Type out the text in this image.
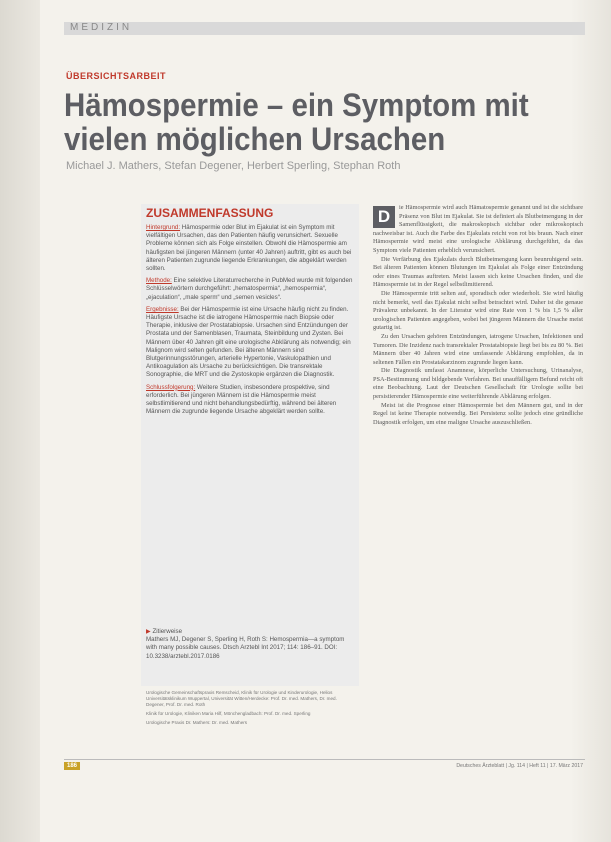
MEDIZIN
ÜBERSICHTSARBEIT
Hämospermie – ein Symptom mit vielen möglichen Ursachen
Michael J. Mathers, Stefan Degener, Herbert Sperling, Stephan Roth
ZUSAMMENFASSUNG

Hintergrund: Hämospermie oder Blut im Ejakulat ist ein Symptom mit vielfältigen Ursachen, das den Patienten häufig verunsichert. Sexuelle Probleme können sich als Folge einstellen. Obwohl die Hämospermie am häufigsten bei jüngeren Männern (unter 40 Jahren) auftritt, gibt es auch bei älteren Patienten zugrunde liegende Erkrankungen, die abgeklärt werden sollten.

Methode: Eine selektive Literaturrecherche in PubMed wurde mit folgenden Schlüsselwörtern durchgeführt: „hematospermia“, „hemospermia“, „ejaculation“, „male sperm“ und „semen vesicles“.

Ergebnisse: Bei der Hämospermie ist eine Ursache häufig nicht zu finden. Häufigste Ursache ist die iatrogene Hämospermie nach Biopsie oder Therapie, inklusive der Prostatabiopsie. Ursachen sind Entzündungen der Prostata und der Samenblasen, Traumata, Steinbildung und Zysten. Bei Männern über 40 Jahren gilt eine urologische Abklärung als notwendig; ein Malignom wird selten gefunden. Bei älteren Männern sind Blutgerinnungsstörungen, arterielle Hypertonie, Vaskulopathien und Antikoagulation als Ursache zu berücksichtigen. Die transrektale Sonographie, die MRT und die Zystoskopie ergänzen die Diagnostik.

Schlussfolgerung: Weitere Studien, insbesondere prospektive, sind erforderlich. Bei jüngeren Männern ist die Hämospermie meist selbstlimitierend und nicht behandlungsbedürftig, während bei älteren Männern die zugrunde liegende Ursache abgeklärt werden sollte.

▶ Zitierweise
Mathers MJ, Degener S, Sperling H, Roth S: Hemospermia—a symptom with many possible causes. Dtsch Arztebl Int 2017; 114: 186–91. DOI: 10.3238/arztebl.2017.0186

Urologische Gemeinschaftspraxis Remscheid, Klinik für Urologie und Kinderurologie, Helios Universitätsklinikum Wuppertal, Universität Witten/Herdecke: Prof. Dr. med. Mathers, Dr. med. Degener, Prof. Dr. med. Roth

Klinik für Urologie, Kliniken Maria Hilf, Mönchengladbach: Prof. Dr. med. Sperling

Urologische Praxis Dr. Mathers: Dr. med. Mathers

D	ie Hämospermie wird auch Hämatospermie genannt und ist die sichtbare Präsenz von Blut im Ejakulat. Sie ist definiert als Blutbeimengung in der Samenflüssigkeit, die makroskopisch sichtbar oder mikroskopisch nachweisbar ist. Auch die Farbe des Ejakulats reicht von rot bis braun. Nach einer Hämospermie wird meist eine urologische Abklärung durchgeführt, da das Symptom viele Patienten erheblich verunsichert.

Die Verfärbung des Ejakulats durch Blutbeimengung kann beunruhigend sein. Bei älteren Patienten können Blutungen im Ejakulat als Folge einer Entzündung oder eines Traumas auftreten. Meist lassen sich keine Ursachen finden, und die Hämospermie ist in der Regel selbstlimitierend.

Die Hämospermie tritt selten auf, sporadisch oder wiederholt. Sie wird häufig nicht bemerkt, weil das Ejakulat nicht selbst betrachtet wird. Daher ist die genaue Prävalenz unbekannt. In der Literatur wird eine Rate von 1 % bis 1,5 % aller urologischen Patienten angegeben, wobei bei jüngeren Männern die Ursache meist gutartig ist.

Zu den Ursachen gehören Entzündungen, iatrogene Ursachen, Infektionen und Tumoren. Die Inzidenz nach transrektaler Prostatabiopsie liegt bei bis zu 80 %. Bei Männern über 40 Jahren wird eine umfassende Abklärung empfohlen, da in seltenen Fällen ein Prostatakarzinom zugrunde liegen kann.

Die Diagnostik umfasst Anamnese, körperliche Untersuchung, Urinanalyse, PSA-Bestimmung und bildgebende Verfahren. Bei unauffälligem Befund reicht oft eine Beobachtung. Laut der Deutschen Gesellschaft für Urologie sollte bei persistierender Hämospermie eine weiterführende Abklärung erfolgen.

Meist ist die Prognose einer Hämospermie bei den Männern gut, und in der Regel ist keine Therapie notwendig. Bei Persistenz sollte jedoch eine gründliche Diagnostik erfolgen, um eine maligne Ursache auszuschließen.

186	Deutsches Ärzteblatt | Jg. 114 | Heft 11 | 17. März 2017
